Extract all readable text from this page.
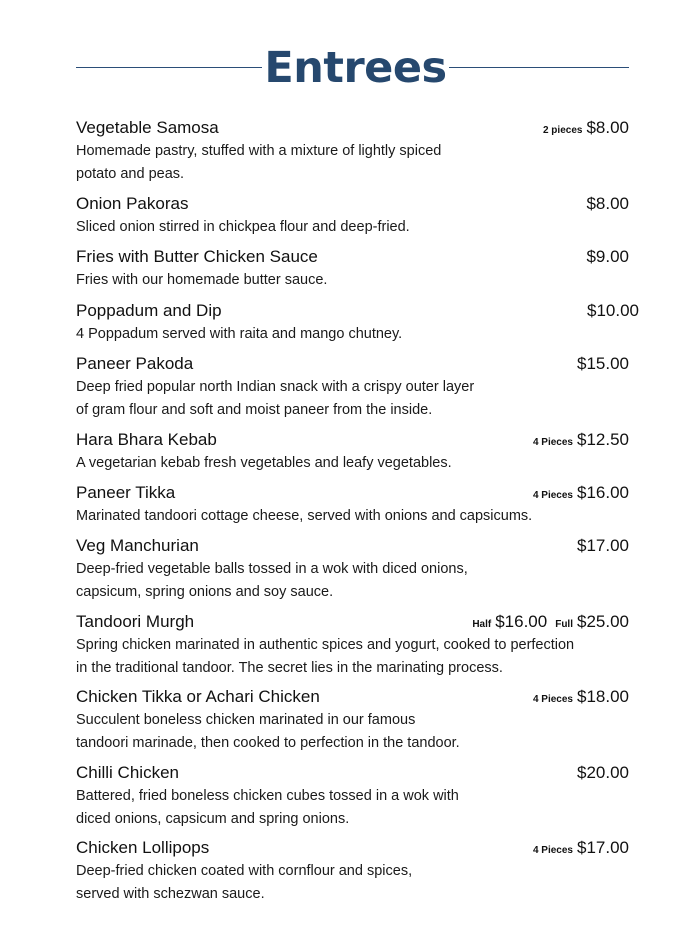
Entrees
Vegetable Samosa	2 pieces $8.00
Homemade pastry, stuffed with a mixture of lightly spiced
potato and peas.
Onion Pakoras	$8.00
Sliced onion stirred in chickpea flour and deep-fried.
Fries with Butter Chicken Sauce	$9.00
Fries with our homemade butter sauce.
Poppadum and Dip	$10.00
4 Poppadum served with raita and mango chutney.
Paneer Pakoda	$15.00
Deep fried popular north Indian snack with a crispy outer layer
of gram flour and soft and moist paneer from the inside.
Hara Bhara Kebab	4 Pieces $12.50
A vegetarian kebab fresh vegetables and leafy vegetables.
Paneer Tikka	4 Pieces $16.00
Marinated tandoori cottage cheese, served with onions and capsicums.
Veg Manchurian	$17.00
Deep-fried vegetable balls tossed in a wok with diced onions,
capsicum, spring onions and soy sauce.
Tandoori Murgh	Half $16.00 Full $25.00
Spring chicken marinated in authentic spices and yogurt, cooked to perfection
in the traditional tandoor. The secret lies in the marinating process.
Chicken Tikka or Achari Chicken	4 Pieces $18.00
Succulent boneless chicken marinated in our famous
tandoori marinade, then cooked to perfection in the tandoor.
Chilli Chicken	$20.00
Battered, fried boneless chicken cubes tossed in a wok with
diced onions, capsicum and spring onions.
Chicken Lollipops	4 Pieces $17.00
Deep-fried chicken coated with cornflour and spices,
served with schezwan sauce.
